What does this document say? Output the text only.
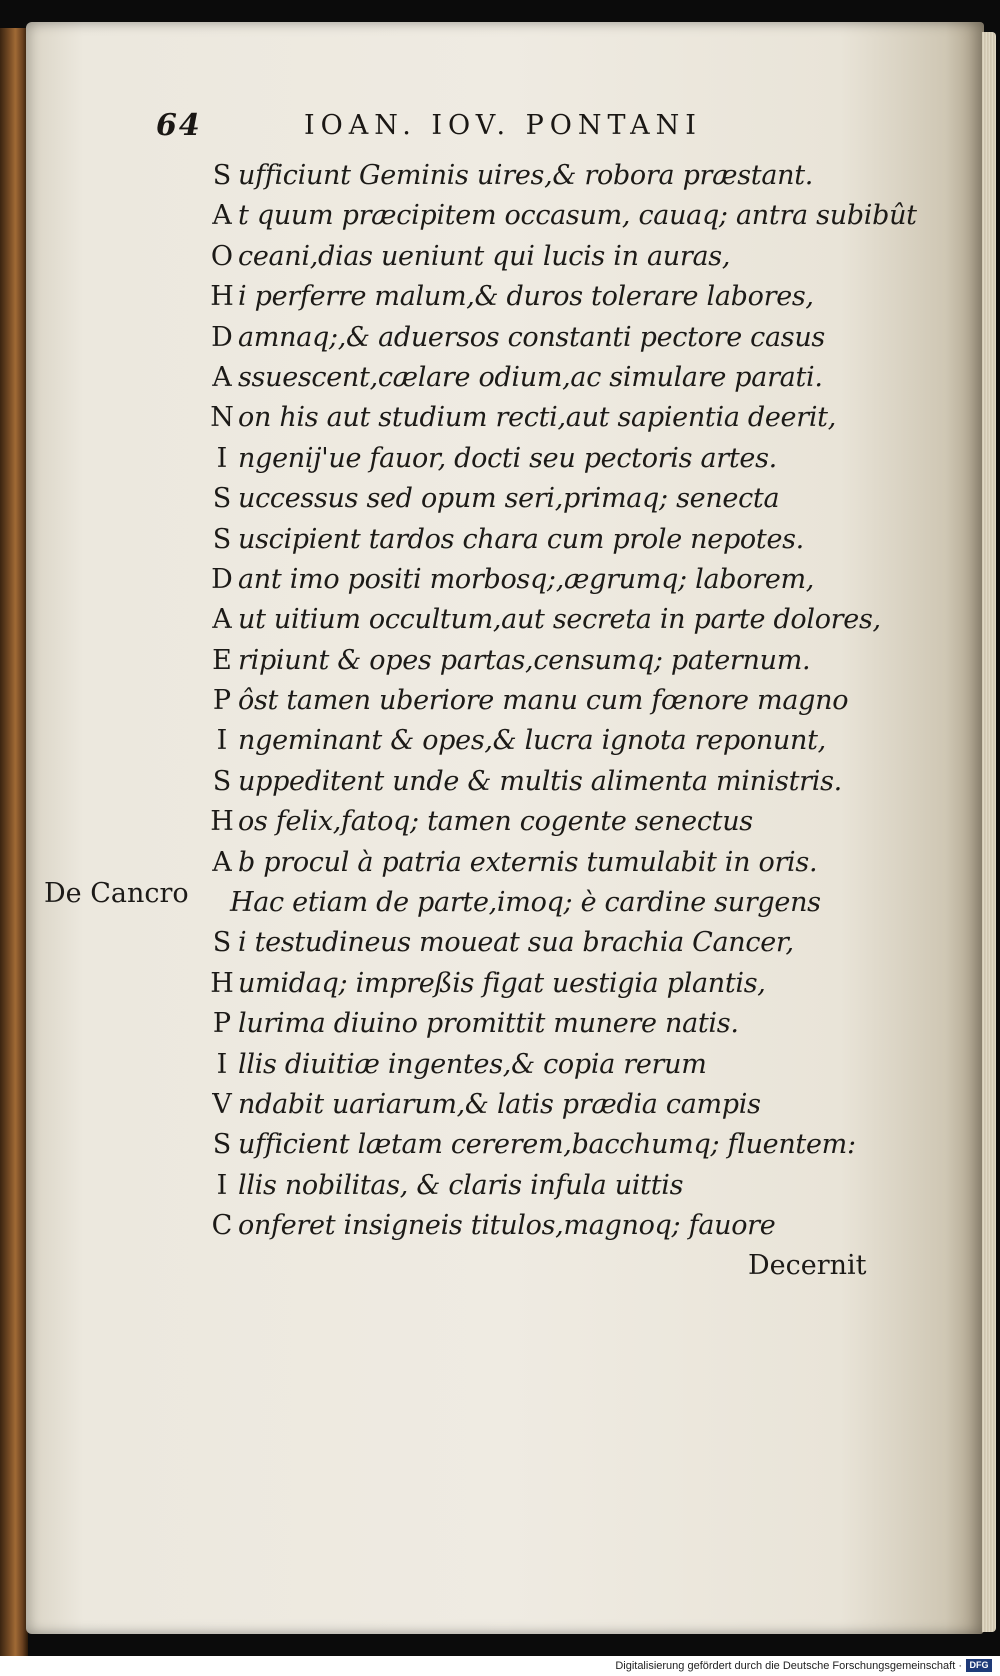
64	IOAN. IOV. PONTANI
S ufficiunt Geminis uires,& robora præstant.
A t quum præcipitem occasum, cauaq; antra subibût
O ceani,dias ueniunt qui lucis in auras,
H i perferre malum,& duros tolerare labores,
D amnaq;,& aduersos constanti pectore casus
A ssuescent,cælare odium,ac simulare parati.
N on his aut studium recti,aut sapientia deerit,
I ngenij'ue fauor, docti seu pectoris artes.
S uccessus sed opum seri,primaq; senecta
S uscipient tardos chara cum prole nepotes.
D ant imo positi morbosq;,ægrumq; laborem,
A ut uitium occultum,aut secreta in parte dolores,
E ripiunt & opes partas,censumq; paternum.
P ôst tamen uberiore manu cum fœnore magno
I ngeminant & opes,& lucra ignota reponunt,
S uppeditent unde & multis alimenta ministris.
H os felix,fatoq; tamen cogente senectus
A b procul à patria externis tumulabit in oris.
Hac etiam de parte,imoq; è cardine surgens
S i testudineus moueat sua brachia Cancer,
H umidaq; impreßis figat uestigia plantis,
P lurima diuino promittit munere natis.
I llis diuitiæ ingentes,& copia rerum
V ndabit uariarum,& latis prædia campis
S ufficient lætam cererem,bacchumq; fluentem:
I llis nobilitas, & claris infula uittis
C onferet insigneis titulos,magnoq; fauore
De Cancro
Decernit
Digitalisierung gefördert durch die Deutsche Forschungsgemeinschaft · DFG
